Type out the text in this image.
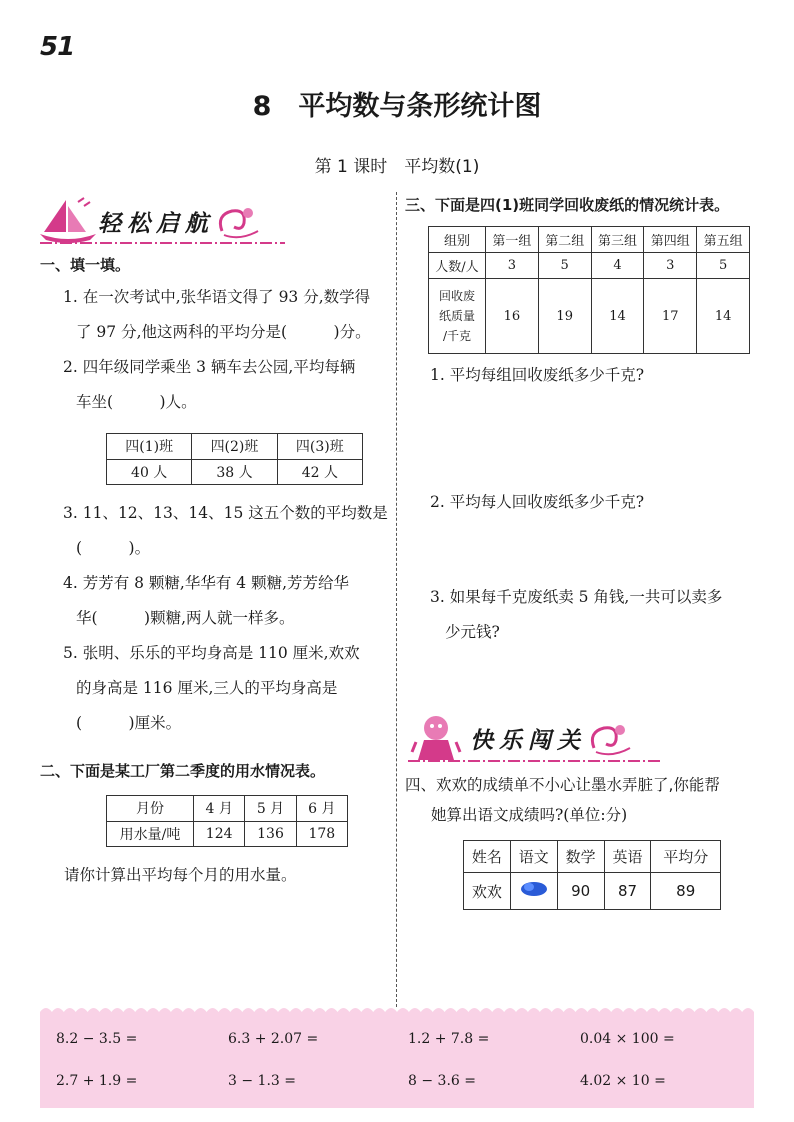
51
8　平均数与条形统计图
第 1 课时　平均数(1)
轻松启航
一、填一填。
1. 在一次考试中,张华语文得了 93 分,数学得
了 97 分,他这两科的平均分是(　　　)分。
2. 四年级同学乘坐 3 辆车去公园,平均每辆
车坐(　　　)人。
四(1)班	四(2)班	四(3)班
40 人	38 人	42 人
3. 11、12、13、14、15 这五个数的平均数是
(　　　)。
4. 芳芳有 8 颗糖,华华有 4 颗糖,芳芳给华
华(　　　)颗糖,两人就一样多。
5. 张明、乐乐的平均身高是 110 厘米,欢欢
的身高是 116 厘米,三人的平均身高是
(　　　)厘米。
二、下面是某工厂第二季度的用水情况表。
月份	4 月	5 月	6 月
用水量/吨	124	136	178
请你计算出平均每个月的用水量。
三、下面是四(1)班同学回收废纸的情况统计表。
组别	第一组	第二组	第三组	第四组	第五组
人数/人	3	5	4	3	5

回收废
纸质量
/千克	16	19	14	17	14
1. 平均每组回收废纸多少千克?
2. 平均每人回收废纸多少千克?
3. 如果每千克废纸卖 5 角钱,一共可以卖多
少元钱?
快乐闯关
四、欢欢的成绩单不小心让墨水弄脏了,你能帮
她算出语文成绩吗?(单位:分)
姓名	语文	数学	英语	平均分
欢欢		90	87	89
8.2 − 3.5 =	6.3 + 2.07 =	1.2 + 7.8 =	0.04 × 100 =
2.7 + 1.9 =	3 − 1.3 =	8 − 3.6 =	4.02 × 10 =
